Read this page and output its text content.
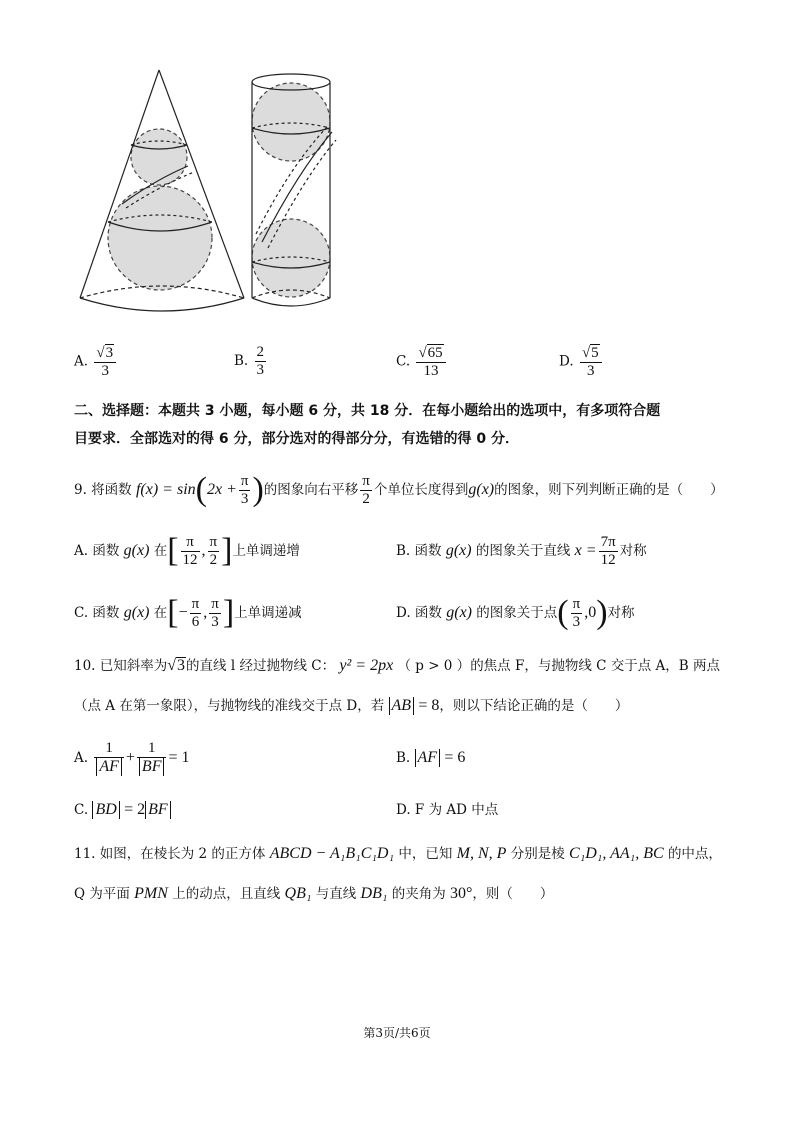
A. $\frac{√3}{3}$	B. $\frac{2}{3}$	C. $\frac{√65}{13}$	D. $\frac{√5}{3}$
二、选择题：本题共 3 小题，每小题 6 分，共 18 分．在每小题给出的选项中，有多项符合题
目要求．全部选对的得 6 分，部分选对的得部分分，有选错的得 0 分．
9. 将函数
f(x) = sin ( $2x + \frac{\pi}{3}$ ) 的图象向右平移 $\frac{\pi}{2}$ 个单位长度得到 g(x) 的图象，则下列判断正确的是（　　）
A. 函数
g(x)
在 [ $\frac{\pi}{12}$ , $\frac{\pi}{2}$ ] 上单调递增	B. 函数
g(x)
的图象关于直线
$x = \frac{7\pi}{12}$ 对称
C. 函数
g(x)
在 [ − $\frac{\pi}{6}$ , $\frac{\pi}{3}$ ] 上单调递减	D. 函数
g(x)
的图象关于点 ( $\frac{\pi}{3} ,0$ ) 对称
10. 已知斜率为 √3 的直线 l 经过抛物线 C：
y² = 2px
（ p > 0 ） 的焦点 F，与抛物线 C 交于点 A，B 两点
（点 A 在第一象限），与抛物线的准线交于点 D，若
AB
= 8 ，则以下结论正确的是（　　）
A.
$\frac{1}{AF} + \frac{1}{BF} = 1$	B.
AF
= 6
C.
BD
= 2 BF	D. F 为 AD 中点
11. 如图，在棱长为 2 的正方体
ABCD − A₁B₁C₁D₁
中，已知
M, N, P
分别是棱
C₁D₁, AA₁, BC
的中点，
Q 为平面
PMN
上的动点，且直线
QB₁
与直线
DB₁
的夹角为
30° ，则（　　）
第3页/共6页
